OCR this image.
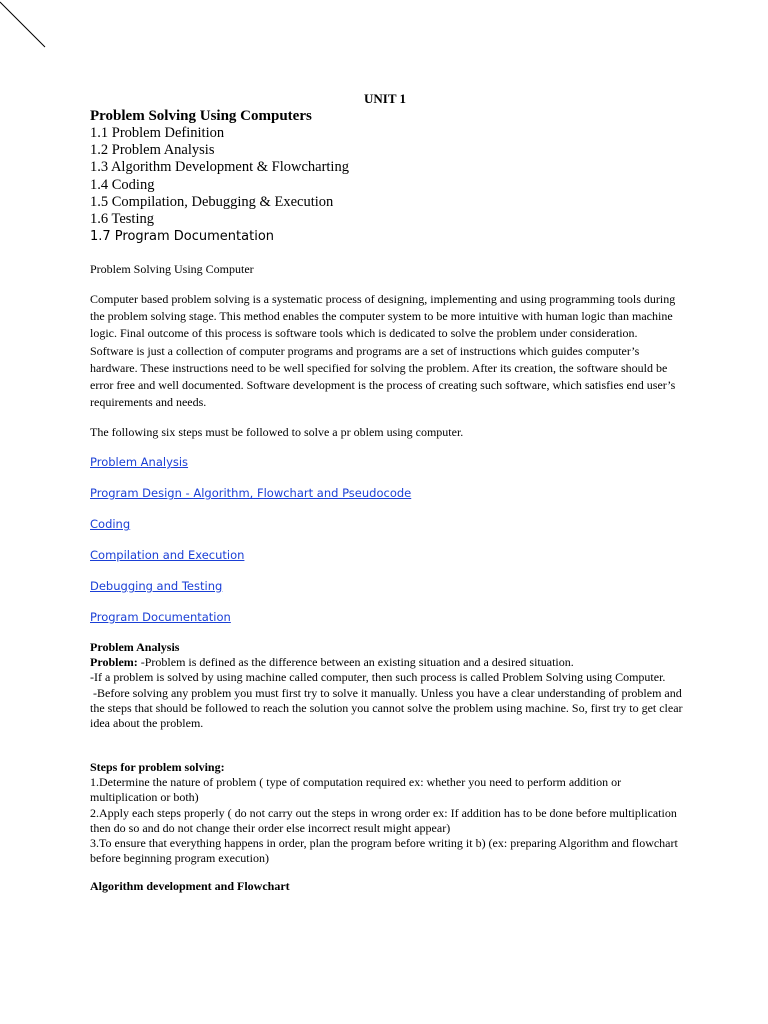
UNIT 1
Problem Solving Using Computers
1.1 Problem Definition
1.2 Problem Analysis
1.3 Algorithm Development & Flowcharting
1.4 Coding
1.5 Compilation, Debugging & Execution
1.6 Testing
1.7 Program Documentation
Problem Solving Using Computer

Computer based problem solving is a systematic process of designing, implementing and using programming tools during the problem solving stage. This method enables the computer system to be more intuitive with human logic than machine logic. Final outcome of this process is software tools which is dedicated to solve the problem under consideration. Software is just a collection of computer programs and programs are a set of instructions which guides computer’s hardware. These instructions need to be well specified for solving the problem. After its creation, the software should be error free and well documented. Software development is the process of creating such software, which satisfies end user’s requirements and needs.

The following six steps must be followed to solve a pr oblem using computer.
Problem Analysis
Program Design - Algorithm, Flowchart and Pseudocode
Coding
Compilation and Execution
Debugging and Testing
Program Documentation
Problem Analysis
Problem: -Problem is defined as the difference between an existing situation and a desired situation.
-If a problem is solved by using machine called computer, then such process is called Problem Solving using Computer.
-Before solving any problem you must first try to solve it manually. Unless you have a clear understanding of problem and the steps that should be followed to reach the solution you cannot solve the problem using machine. So, first try to get clear idea about the problem.
Steps for problem solving:
1.Determine the nature of problem ( type of computation required ex: whether you need to perform addition or multiplication or both)
2.Apply each steps properly ( do not carry out the steps in wrong order ex: If addition has to be done before multiplication then do so and do not change their order else incorrect result might appear)
3.To ensure that everything happens in order, plan the program before writing it b) (ex: preparing Algorithm and flowchart before beginning program execution)
Algorithm development and Flowchart
